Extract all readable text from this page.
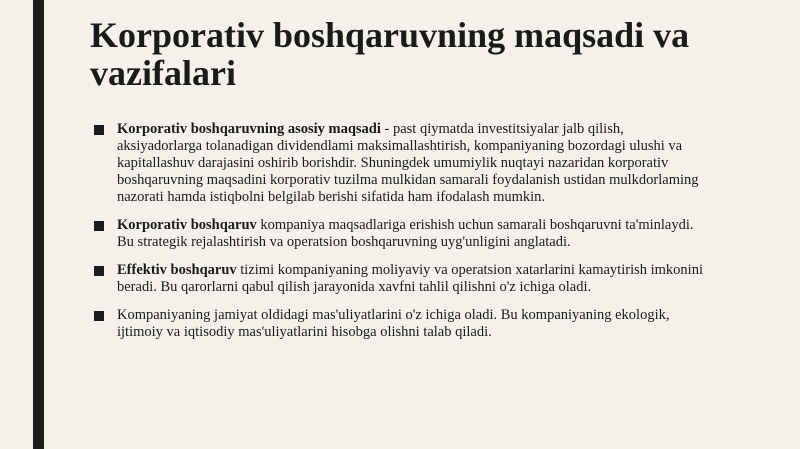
Korporativ boshqaruvning maqsadi va vazifalari
Korporativ boshqaruvning asosiy maqsadi - past qiymatda investitsiyalar jalb qilish, aksiyadorlarga tolanadigan dividendlami maksimallashtirish, kompaniyaning bozordagi ulushi va kapitallashuv darajasini oshirib borishdir. Shuningdek umumiylik nuqtayi nazaridan korporativ boshqaruvning maqsadini korporativ tuzilma mulkidan samarali foydalanish ustidan mulkdorlaming nazorati hamda istiqbolni belgilab berishi sifatida ham ifodalash mumkin.
Korporativ boshqaruv kompaniya maqsadlariga erishish uchun samarali boshqaruvni ta'minlaydi. Bu strategik rejalashtirish va operatsion boshqaruvning uyg'unligini anglatadi.
Effektiv boshqaruv tizimi kompaniyaning moliyaviy va operatsion xatarlarini kamaytirish imkonini beradi. Bu qarorlarni qabul qilish jarayonida xavfni tahlil qilishni o'z ichiga oladi.
Kompaniyaning jamiyat oldidagi mas'uliyatlarini o'z ichiga oladi. Bu kompaniyaning ekologik, ijtimoiy va iqtisodiy mas'uliyatlarini hisobga olishni talab qiladi.
